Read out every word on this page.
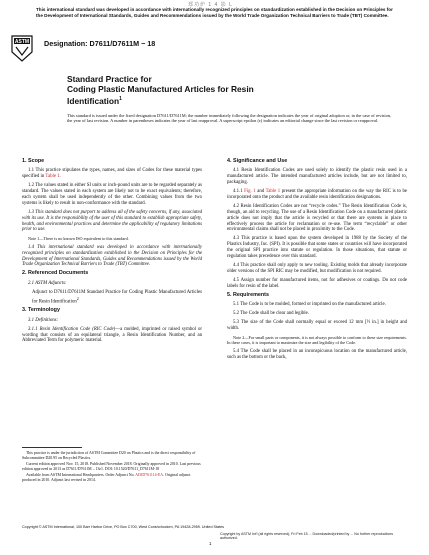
郑功炉 1 4 影 L
This international standard was developed in accordance with internationally recognized principles on standardization established in the Decision on Principles for the Development of International Standards, Guides and Recommendations issued by the World Trade Organization Technical Barriers to Trade (TBT) Committee.
ASTM Designation: D7611/D7611M − 18
Standard Practice for
Coding Plastic Manufactured Articles for Resin
Identification$^1$
This standard is issued under the fixed designation D7611/D7611M; the number immediately following the designation indicates the year of original adoption or, in the case of revision, the year of last revision. A number in parentheses indicates the year of last reapproval. A superscript epsilon (ε) indicates an editorial change since the last revision or reapproval.
1. Scope

1.1 This practice stipulates the types, names, and sizes of Codes for these material types specified in Table 1.

1.2 The values stated in either SI units or inch-pound units are to be regarded separately as standard. The values stated in each system are likely not to be exact equivalents; therefore, each system shall be used independently of the other. Combining values from the two systems is likely to result in non-conformance with the standard.

1.3 This standard does not purport to address all of the safety concerns, if any, associated with its use. It is the responsibility of the user of this standard to establish appropriate safety, health, and environmental practices and determine the applicability of regulatory limitations prior to use.

Note 1—There is no known ISO equivalent to this standard.

1.4 This international standard was developed in accordance with internationally recognized principles on standardization established in the Decision on Principles for the Development of International Standards, Guides and Recommendations issued by the World Trade Organization Technical Barriers to Trade (TBT) Committee.

2. Referenced Documents

2.1 ASTM Adjuncts:

Adjunct to D7611/D7611M Standard Practice for Coding Plastic Manufactured Articles for Resin Identification$^2$

3. Terminology

3.1 Definitions:

3.1.1 Resin Identification Code (RIC Code)—a molded, imprinted or raised symbol or wording that consists of an equilateral triangle, a Resin Identification Number, and an Abbreviated Term for polymeric material.

This practice is under the jurisdiction of ASTM Committee D20 on Plastics and is the direct responsibility of Subcommittee D20.95 on Recycled Plastics.

Current edition approved Nov. 15, 2018. Published November 2018. Originally approved in 2010. Last previous edition approved in 2013 as D7611/D7611M – 13ε1. DOI: 10.1520/D7611_D7611M-18

Available from ASTM International Headquarters. Order Adjunct No. ADJD761114-EA. Original adjunct produced in 2010. Adjunct last revised in 2014.

4. Significance and Use

4.1 Resin Identification Codes are used solely to identify the plastic resin used in a manufactured article. The intended manufactured articles include, but are not limited to, packaging.

4.1.1 Fig. 1 and Table 1 present the appropriate information on the way the RIC is to be incorporated onto the product and the available resin identification designations.

4.2 Resin Identification Codes are not “recycle codes.” The Resin Identification Code is, though, an aid to recycling. The use of a Resin Identification Code on a manufactured plastic article does not imply that the article is recycled or that there are systems in place to effectively process the article for reclamation or re-use. The term “recyclable” or other environmental claims shall not be placed in proximity to the Code.

4.3 This practice is based upon the system developed in 1988 by the Society of the Plastics Industry, Inc. (SPI). It is possible that some states or countries will have incorporated the original SPI practice into statute or regulation. In those situations, that statute or regulation takes precedence over this standard.

4.4 This practice shall only apply to new tooling. Existing molds that already incorporate older versions of the SPI RIC may be modified, but modification is not required.

4.5 Assign number for manufactured items, not for adhesives or coatings. Do not code labels for resin of the label.

5. Requirements

5.1 The Code is to be molded, formed or imprinted on the manufactured article.

5.2 The Code shall be clear and legible.

5.3 The size of the Code shall normally equal or exceed 12 mm [½ in.] in height and width.

Note 2—For small parts or components, it is not always possible to conform to these size requirements. In these cases, it is important to maximize the size and legibility of the Code.

5.4 The Code shall be placed in an inconspicuous location on the manufactured article, such as the bottom or the back,

Copyright © ASTM International, 100 Barr Harbor Drive, PO Box C700, West Conshohocken, PA 19428-2959. United States
Copyright by ASTM Int'l (all rights reserved); Fri Feb 15 ... Downloaded/printed by ... No further reproductions authorized.
1
